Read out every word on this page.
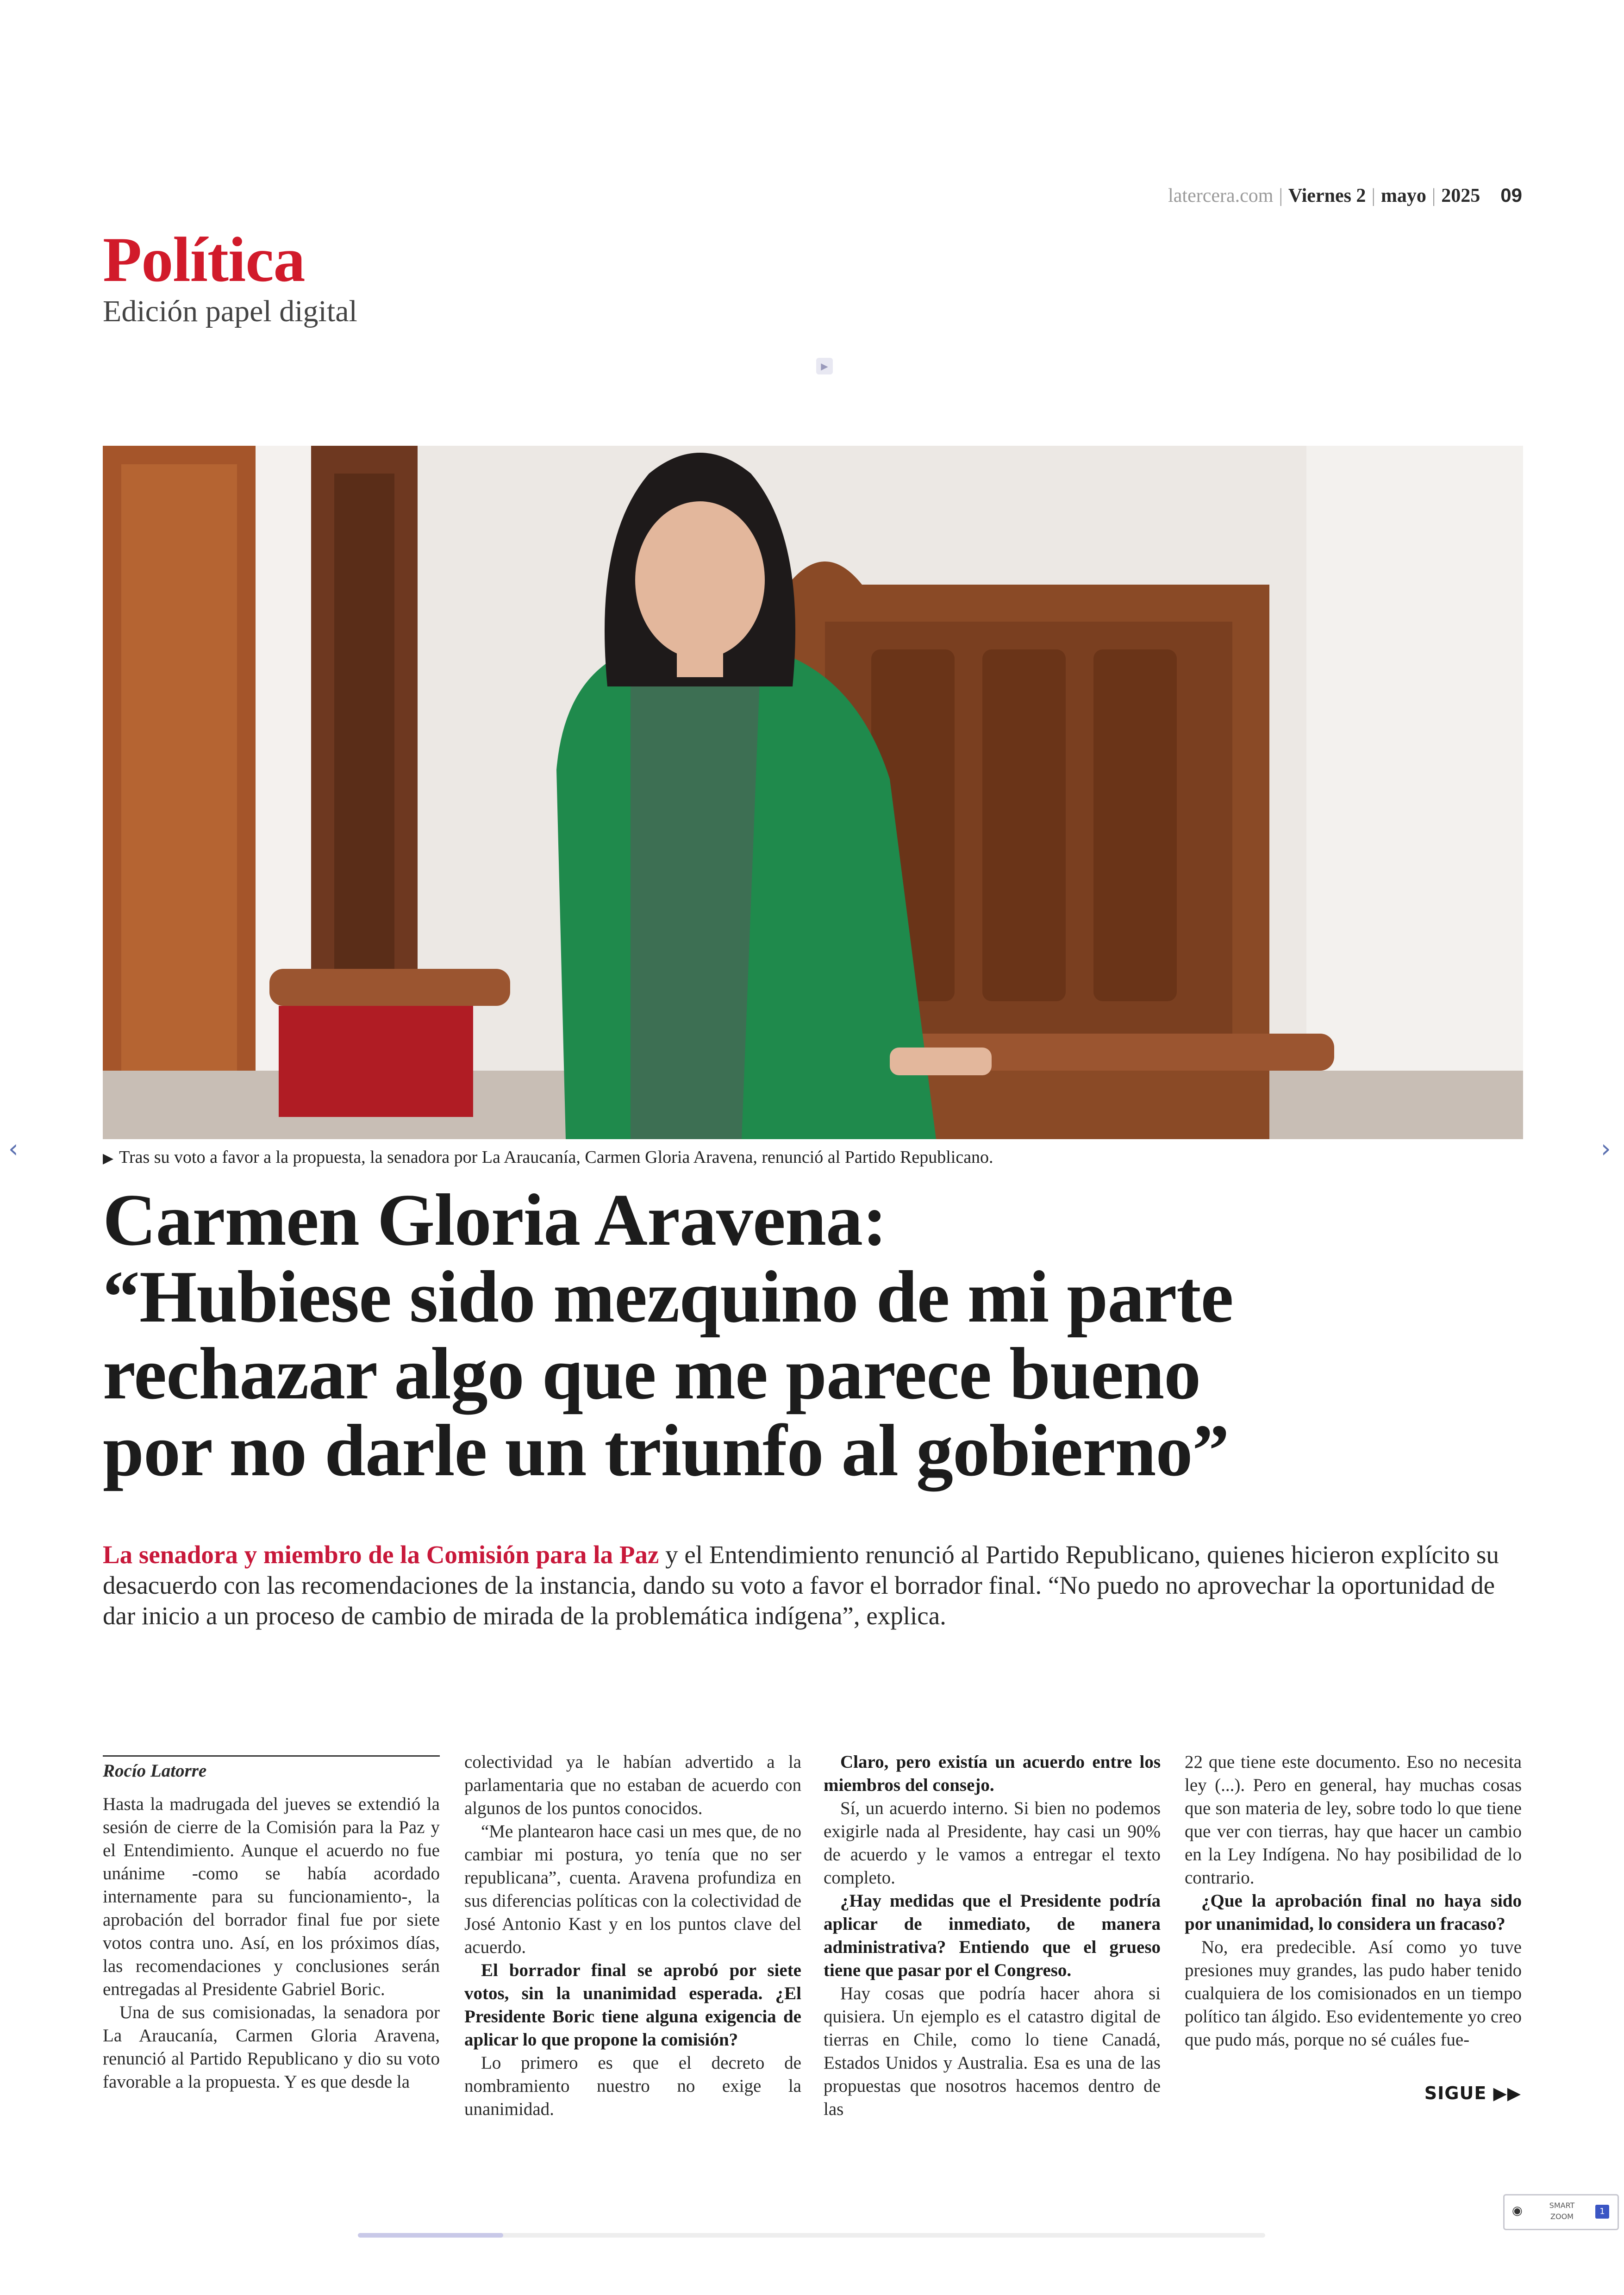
latercera.com | Viernes 2 | mayo | 2025 09
Política
Edición papel digital
▶
▶ Tras su voto a favor a la propuesta, la senadora por La Araucanía, Carmen Gloria Aravena, renunció al Partido Republicano.
‹	›
Carmen Gloria Aravena:
“Hubiese sido mezquino de mi parte
rechazar algo que me parece bueno
por no darle un triunfo al gobierno”

La senadora y miembro de la Comisión para la Paz y el Entendimiento renunció al Partido Republicano, quienes hicieron explícito su desacuerdo con las recomendaciones de la instancia, dando su voto a favor el borrador final. “No puedo no aprovechar la oportunidad de dar inicio a un proceso de cambio de mirada de la problemática indígena”, explica.

Rocío Latorre

Hasta la madrugada del jueves se extendió la sesión de cierre de la Comisión para la Paz y el Entendimiento. Aunque el acuerdo no fue unánime -como se había acordado internamente para su funcionamiento-, la aprobación del borrador final fue por siete votos contra uno. Así, en los próximos días, las recomendaciones y conclusiones serán entregadas al Presidente Gabriel Boric.

Una de sus comisionadas, la senadora por La Araucanía, Carmen Gloria Aravena, renunció al Partido Republicano y dio su voto favorable a la propuesta. Y es que desde la

colectividad ya le habían advertido a la parlamentaria que no estaban de acuerdo con algunos de los puntos conocidos.

“Me plantearon hace casi un mes que, de no cambiar mi postura, yo tenía que no ser republicana”, cuenta. Aravena profundiza en sus diferencias políticas con la colectividad de José Antonio Kast y en los puntos clave del acuerdo.

El borrador final se aprobó por siete votos, sin la unanimidad esperada. ¿El Presidente Boric tiene alguna exigencia de aplicar lo que propone la comisión?

Lo primero es que el decreto de nombramiento nuestro no exige la unanimidad.

Claro, pero existía un acuerdo entre los miembros del consejo.

Sí, un acuerdo interno. Si bien no podemos exigirle nada al Presidente, hay casi un 90% de acuerdo y le vamos a entregar el texto completo.

¿Hay medidas que el Presidente podría aplicar de inmediato, de manera administrativa? Entiendo que el grueso tiene que pasar por el Congreso.

Hay cosas que podría hacer ahora si quisiera. Un ejemplo es el catastro digital de tierras en Chile, como lo tiene Canadá, Estados Unidos y Australia. Esa es una de las propuestas que nosotros hacemos dentro de las

22 que tiene este documento. Eso no necesita ley (...). Pero en general, hay muchas cosas que son materia de ley, sobre todo lo que tiene que ver con tierras, hay que hacer un cambio en la Ley Indígena. No hay posibilidad de lo contrario.

¿Que la aprobación final no haya sido por unanimidad, lo considera un fracaso?

No, era predecible. Así como yo tuve presiones muy grandes, las pudo haber tenido cualquiera de los comisionados en un tiempo político tan álgido. Eso evidentemente yo creo que pudo más, porque no sé cuáles fue-

SIGUE ▶▶
◉	SMART
ZOOM
1
